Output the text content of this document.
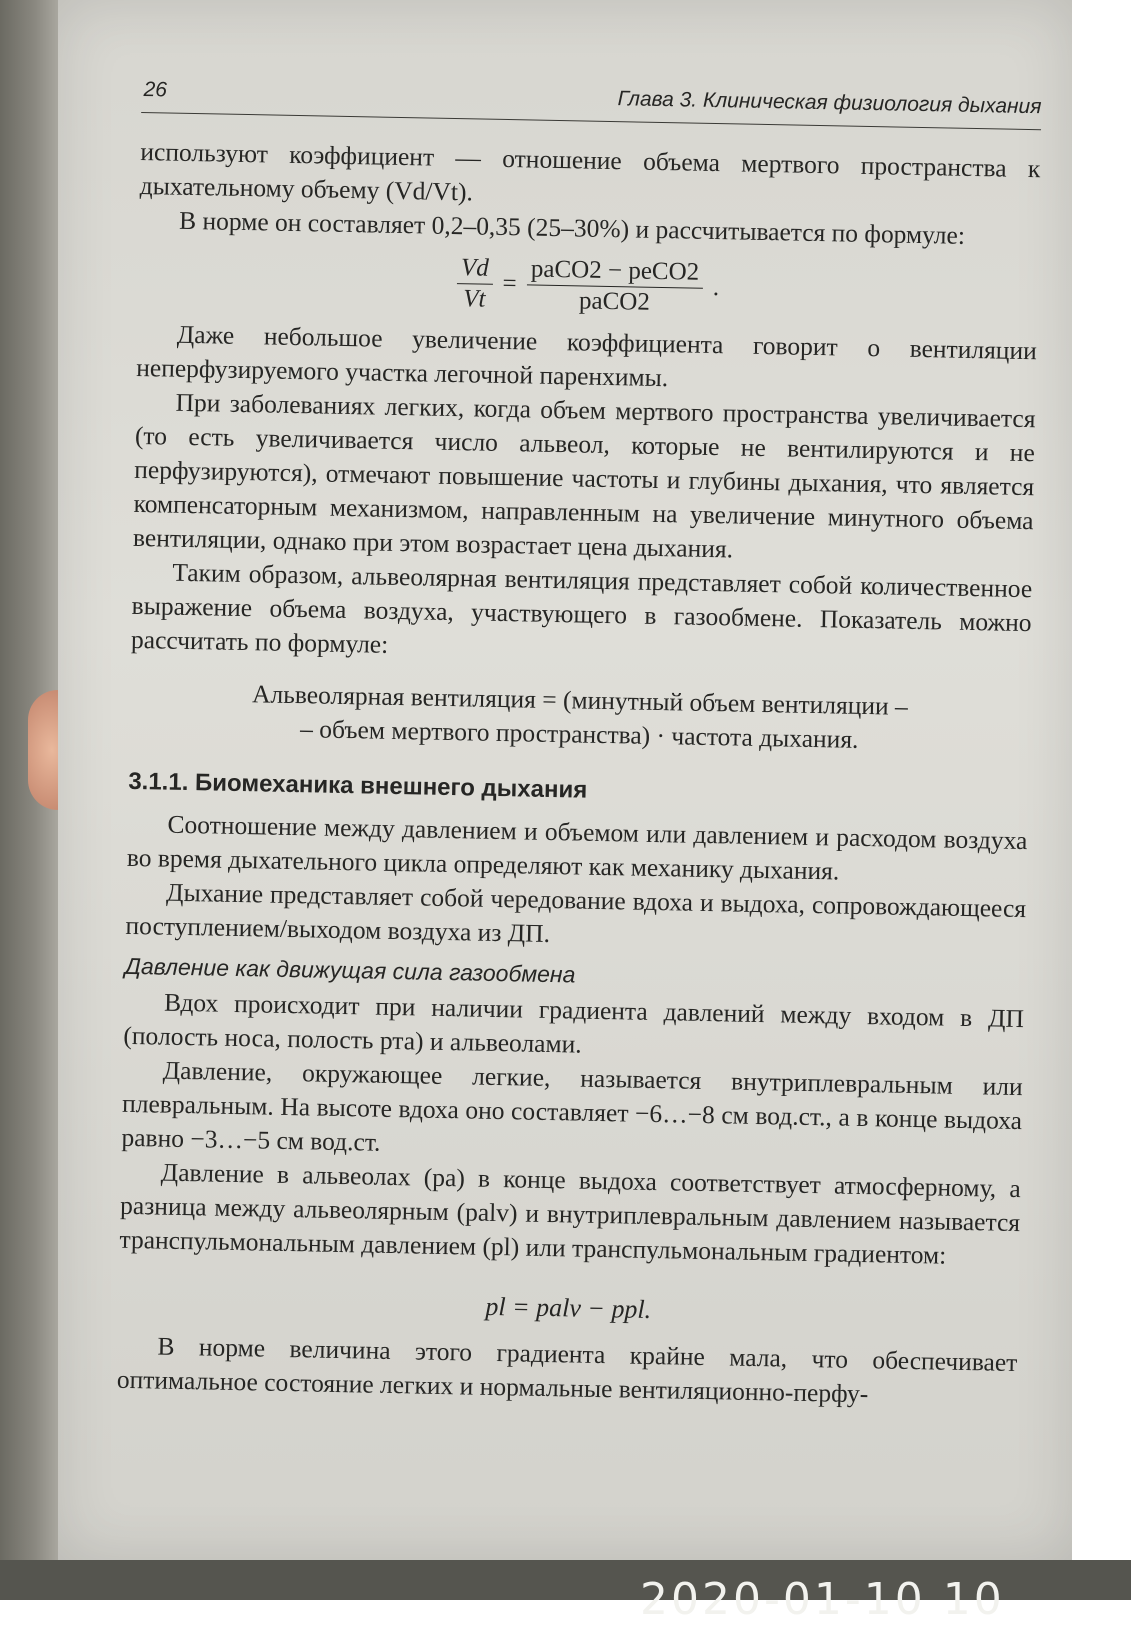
26	Глава 3. Клиническая физиология дыхания

используют коэффициент — отношение объема мертвого пространства к дыхательному объему (Vd/Vt).

В норме он составляет 0,2–0,35 (25–30%) и рассчитывается по формуле:

$\frac{Vd}{Vt} = \frac{\text{paCO2 − peCO2}}{\text{paCO2}}$ .

Даже небольшое увеличение коэффициента говорит о вентиляции неперфузируемого участка легочной паренхимы.

При заболеваниях легких, когда объем мертвого пространства увеличивается (то есть увеличивается число альвеол, которые не вентилируются и не перфузируются), отмечают повышение частоты и глубины дыхания, что является компенсаторным механизмом, направленным на увеличение минутного объема вентиляции, однако при этом возрастает цена дыхания.

Таким образом, альвеолярная вентиляция представляет собой количественное выражение объема воздуха, участвующего в газообмене. Показатель можно рассчитать по формуле:

Альвеолярная вентиляция = (минутный объем вентиляции –
– объем мертвого пространства) · частота дыхания.
3.1.1. Биомеханика внешнего дыхания

Соотношение между давлением и объемом или давлением и расходом воздуха во время дыхательного цикла определяют как механику дыхания.

Дыхание представляет собой чередование вдоха и выдоха, сопровождающееся поступлением/выходом воздуха из ДП.

Давление как движущая сила газообмена

Вдох происходит при наличии градиента давлений между входом в ДП (полость носа, полость рта) и альвеолами.

Давление, окружающее легкие, называется внутриплевральным или плевральным. На высоте вдоха оно составляет −6…−8 см вод.ст., а в конце выдоха равно −3…−5 см вод.ст.

Давление в альвеолах (pa) в конце выдоха соответствует атмосферному, а разница между альвеолярным (palv) и внутриплевральным давлением называется транспульмональным давлением (pl) или транспульмональным градиентом:

pl = palv − ppl.

В норме величина этого градиента крайне мала, что обеспечивает оптимальное состояние легких и нормальные вентиляционно-перфу-

2020-01-10 10
